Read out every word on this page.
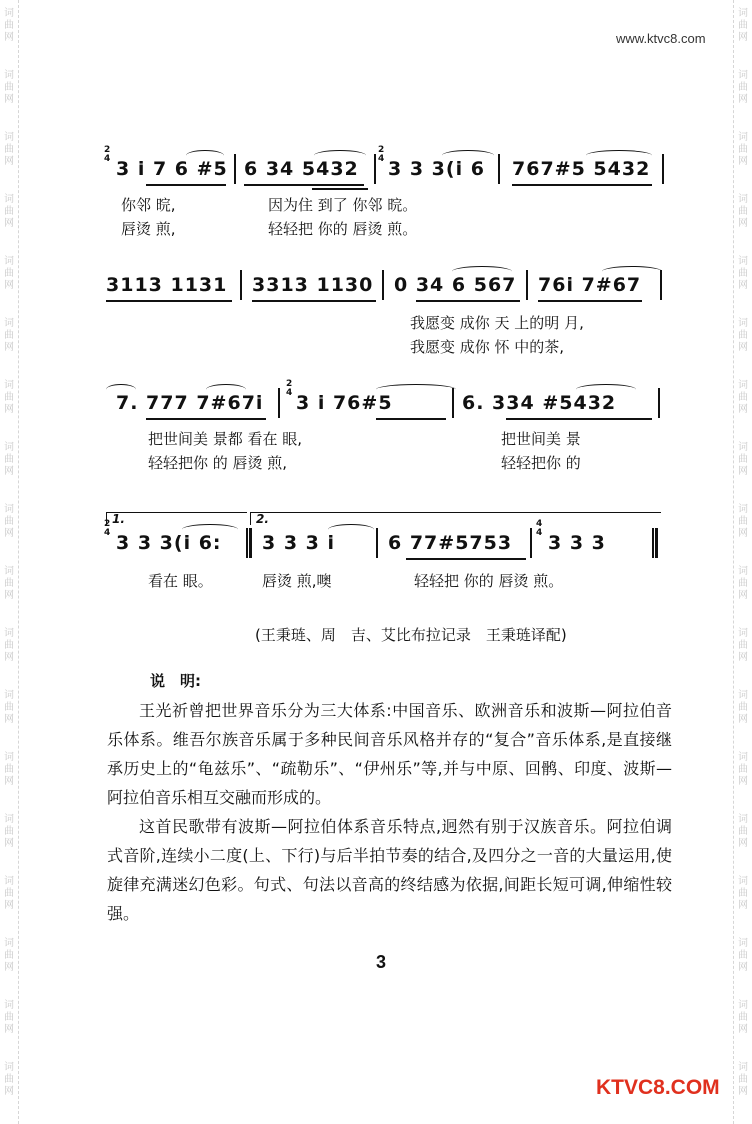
词
曲
网
词
曲
网
词
曲
网
词
曲
网
词
曲
网
词
曲
网
词
曲
网
词
曲
网
词
曲
网
词
曲
网
词
曲
网
词
曲
网
词
曲
网
词
曲
网
词
曲
网
词
曲
网
词
曲
网
词
曲
网
词
曲
网
词
曲
网
词
曲
网
词
曲
网
词
曲
网
词
曲
网
词
曲
网
词
曲
网
词
曲
网
词
曲
网
词
曲
网
词
曲
网
词
曲
网
词
曲
网
词
曲
网
词
曲
网
词
曲
网
词
曲
网
www.ktvc8.com
2
4 3 i 7 6 #5 6 34 5432
2
4 3 3 3(i 6 767#5 5432
你邻 晥,	因为住 到了 你邻 晥。
唇烫 煎,	轻轻把 你的 唇烫 煎。
3113 1131 3313 1130 0 34 6 567 76i 7#67
我愿变 成你 天 上的明 月,
我愿变 成你 怀 中的茶,
7. 777 7#67i
2
4 3 i 76#5	6. 334 #5432
把世间美 景都 看在 眼,	把世间美 景
轻轻把你 的 唇烫 煎,	轻轻把你 的
1.	2.
2
4 3 3 3(i 6: 3 3 3 i	6 77#5753
4
4 3 3 3
看在 眼。	唇烫 煎,噢	轻轻把 你的 唇烫 煎。
(王秉琏、周　吉、艾比布拉记录　王秉琏译配)
说　明:

王光祈曾把世界音乐分为三大体系:中国音乐、欧洲音乐和波斯—阿拉伯音乐体系。维吾尔族音乐属于多种民间音乐风格并存的“复合”音乐体系,是直接继承历史上的“龟兹乐”、“疏勒乐”、“伊州乐”等,并与中原、回鹘、印度、波斯—阿拉伯音乐相互交融而形成的。

这首民歌带有波斯—阿拉伯体系音乐特点,迥然有别于汉族音乐。阿拉伯调式音阶,连续小二度(上、下行)与后半拍节奏的结合,及四分之一音的大量运用,使旋律充满迷幻色彩。句式、句法以音高的终结感为依据,间距长短可调,伸缩性较强。

3
KTVC8.COM
